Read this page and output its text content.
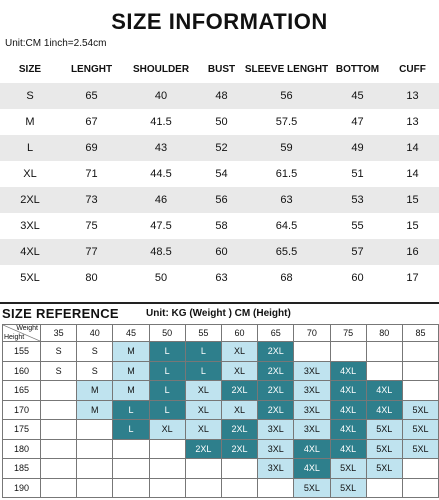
SIZE INFORMATION
Unit:CM 1inch=2.54cm
SIZE	LENGHT	SHOULDER	BUST	SLEEVE LENGHT	BOTTOM	CUFF
S	65	40	48	56	45	13
M	67	41.5	50	57.5	47	13
L	69	43	52	59	49	14
XL	71	44.5	54	61.5	51	14
2XL	73	46	56	63	53	15
3XL	75	47.5	58	64.5	55	15
4XL	77	48.5	60	65.5	57	16
5XL	80	50	63	68	60	17
SIZE REFERENCE	Unit: KG (Weight ) CM (Height)
Weight
Height	35	40	45	50	55	60	65	70	75	80	85
155	S	S	M	L	L	XL	2XL				
160	S	S	M	L	L	XL	2XL	3XL	4XL		
165		M	M	L	XL	2XL	2XL	3XL	4XL	4XL	
170		M	L	L	XL	XL	2XL	3XL	4XL	4XL	5XL
175			L	XL	XL	2XL	3XL	3XL	4XL	5XL	5XL
180					2XL	2XL	3XL	4XL	4XL	5XL	5XL
185							3XL	4XL	5XL	5XL	
190								5XL	5XL		
